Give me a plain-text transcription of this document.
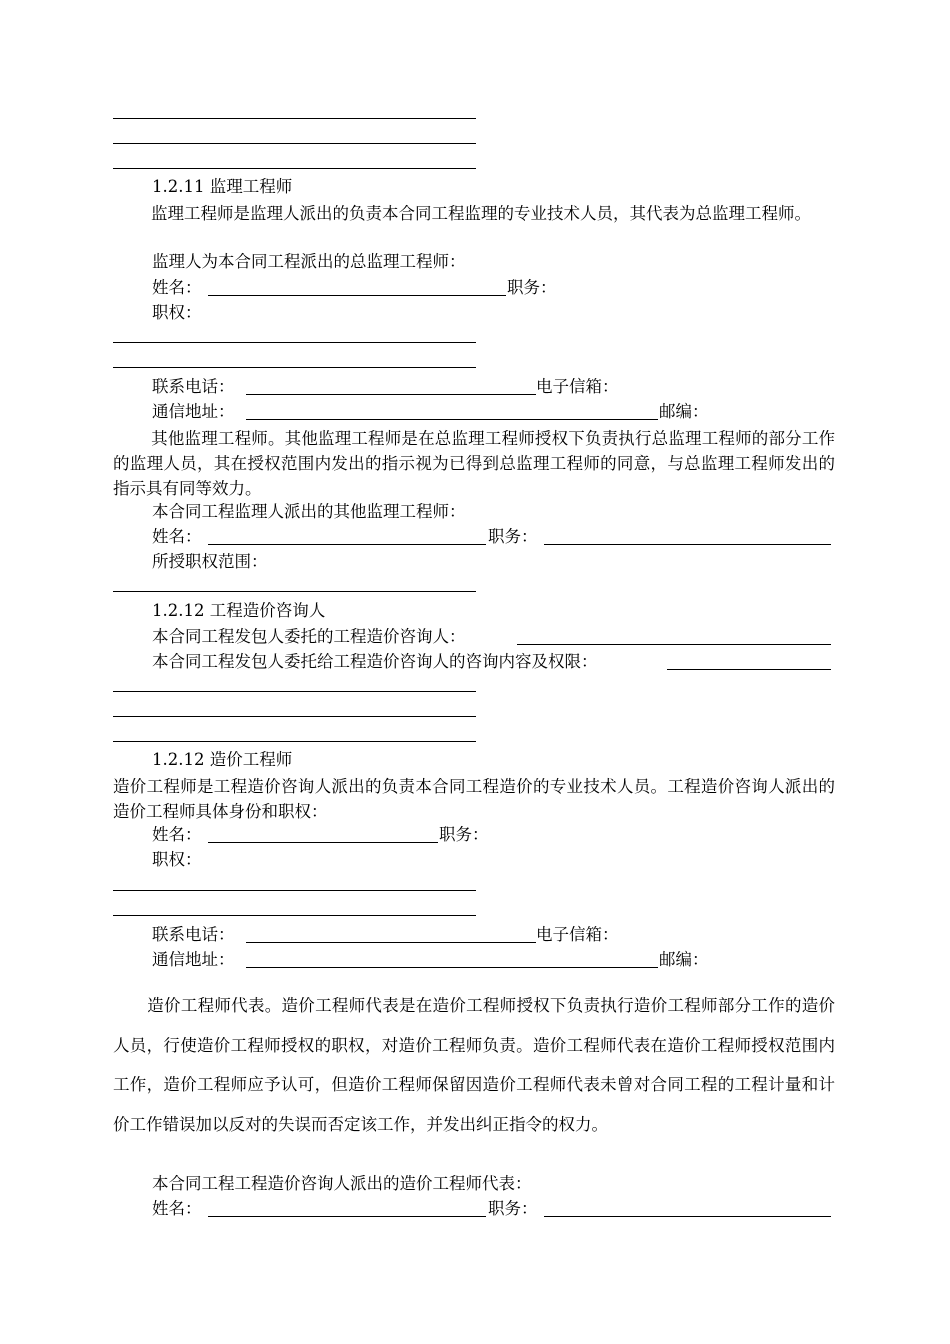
1.2.11 监理工程师
监理工程师是监理人派出的负责本合同工程监理的专业技术人员，其代表为总监理工程师。
监理人为本合同工程派出的总监理工程师：
姓名：	职务：
职权：
联系电话：	电子信箱：
通信地址：	邮编：
其他监理工程师。其他监理工程师是在总监理工程师授权下负责执行总监理工程师的部分工作的监理人员，其在授权范围内发出的指示视为已得到总监理工程师的同意，与总监理工程师发出的指示具有同等效力。
本合同工程监理人派出的其他监理工程师：
姓名：	职务：
所授职权范围：
1.2.12 工程造价咨询人
本合同工程发包人委托的工程造价咨询人：
本合同工程发包人委托给工程造价咨询人的咨询内容及权限：
1.2.12 造价工程师
造价工程师是工程造价咨询人派出的负责本合同工程造价的专业技术人员。工程造价咨询人派出的造价工程师具体身份和职权：
姓名：	职务：
职权：
联系电话：	电子信箱：
通信地址：	邮编：
造价工程师代表。造价工程师代表是在造价工程师授权下负责执行造价工程师部分工作的造价人员，行使造价工程师授权的职权，对造价工程师负责。造价工程师代表在造价工程师授权范围内工作，造价工程师应予认可，但造价工程师保留因造价工程师代表未曾对合同工程的工程计量和计价工作错误加以反对的失误而否定该工作，并发出纠正指令的权力。
本合同工程工程造价咨询人派出的造价工程师代表：
姓名：	职务：
